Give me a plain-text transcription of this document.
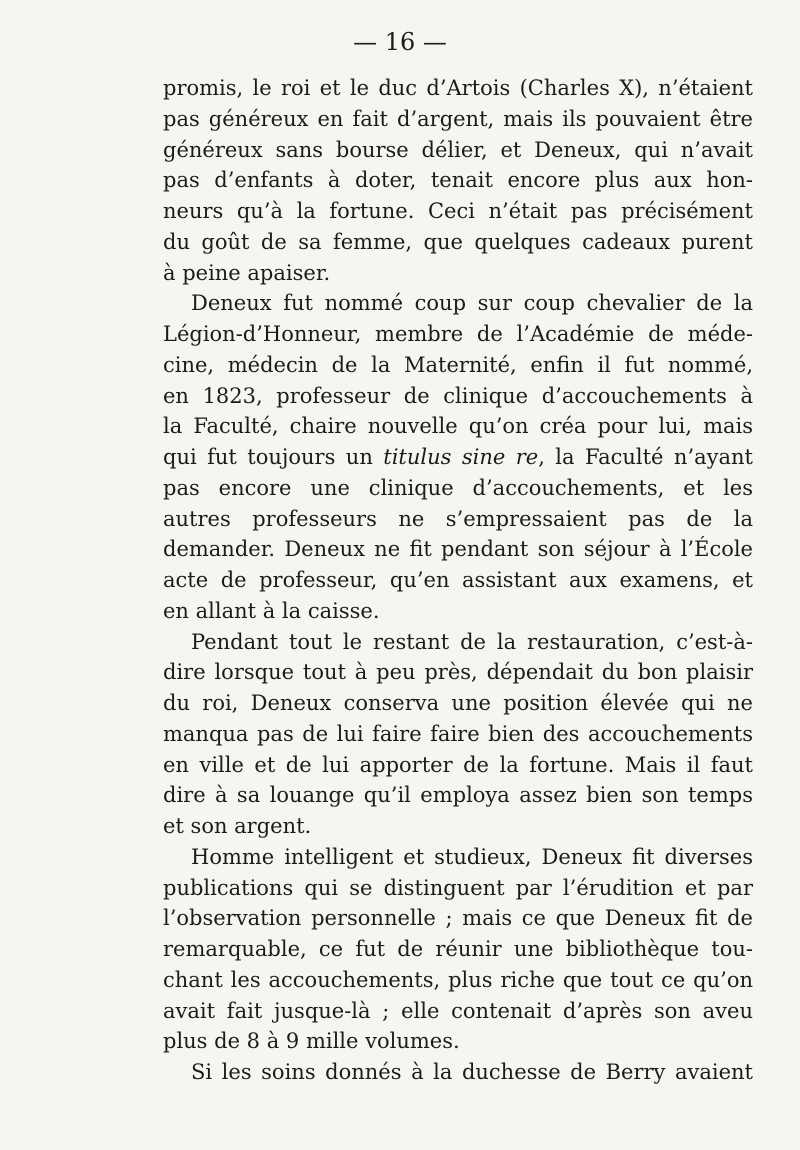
— 16 —
promis, le roi et le duc d’Artois (Charles X), n’étaient
pas généreux en fait d’argent, mais ils pouvaient être
généreux sans bourse délier, et Deneux, qui n’avait
pas d’enfants à doter, tenait encore plus aux hon-
neurs qu’à la fortune. Ceci n’était pas précisément
du goût de sa femme, que quelques cadeaux purent
à peine apaiser.
Deneux fut nommé coup sur coup chevalier de la
Légion-d’Honneur, membre de l’Académie de méde-
cine, médecin de la Maternité, enfin il fut nommé,
en 1823, professeur de clinique d’accouchements à
la Faculté, chaire nouvelle qu’on créa pour lui, mais
qui fut toujours un titulus sine re, la Faculté n’ayant
pas encore une clinique d’accouchements, et les
autres professeurs ne s’empressaient pas de la
demander. Deneux ne fit pendant son séjour à l’École
acte de professeur, qu’en assistant aux examens, et
en allant à la caisse.
Pendant tout le restant de la restauration, c’est-à-
dire lorsque tout à peu près, dépendait du bon plaisir
du roi, Deneux conserva une position élevée qui ne
manqua pas de lui faire faire bien des accouchements
en ville et de lui apporter de la fortune. Mais il faut
dire à sa louange qu’il employa assez bien son temps
et son argent.
Homme intelligent et studieux, Deneux fit diverses
publications qui se distinguent par l’érudition et par
l’observation personnelle ; mais ce que Deneux fit de
remarquable, ce fut de réunir une bibliothèque tou-
chant les accouchements, plus riche que tout ce qu’on
avait fait jusque-là ; elle contenait d’après son aveu
plus de 8 à 9 mille volumes.
Si les soins donnés à la duchesse de Berry avaient
